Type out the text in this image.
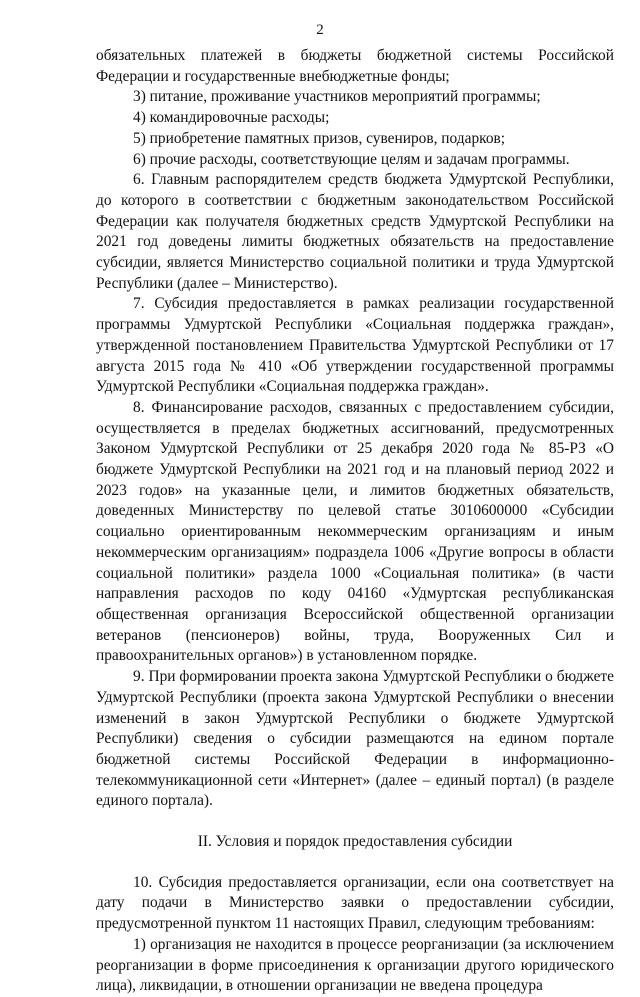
2

обязательных платежей в бюджеты бюджетной системы Российской Федерации и государственные внебюджетные фонды;

3) питание, проживание участников мероприятий программы;

4) командировочные расходы;

5) приобретение памятных призов, сувениров, подарков;

6) прочие расходы, соответствующие целям и задачам программы.

6. Главным распорядителем средств бюджета Удмуртской Республики, до которого в соответствии с бюджетным законодательством Российской Федерации как получателя бюджетных средств Удмуртской Республики на 2021 год доведены лимиты бюджетных обязательств на предоставление субсидии, является Министерство социальной политики и труда Удмуртской Республики (далее – Министерство).

7. Субсидия предоставляется в рамках реализации государственной программы Удмуртской Республики «Социальная поддержка граждан», утвержденной постановлением Правительства Удмуртской Республики от 17 августа 2015 года № 410 «Об утверждении государственной программы Удмуртской Республики «Социальная поддержка граждан».

8. Финансирование расходов, связанных с предоставлением субсидии, осуществляется в пределах бюджетных ассигнований, предусмотренных Законом Удмуртской Республики от 25 декабря 2020 года № 85-РЗ «О бюджете Удмуртской Республики на 2021 год и на плановый период 2022 и 2023 годов» на указанные цели, и лимитов бюджетных обязательств, доведенных Министерству по целевой статье 3010600000 «Субсидии социально ориентированным некоммерческим организациям и иным некоммерческим организациям» подраздела 1006 «Другие вопросы в области социальной политики» раздела 1000 «Социальная политика» (в части направления расходов по коду 04160 «Удмуртская республиканская общественная организация Всероссийской общественной организации ветеранов (пенсионеров) войны, труда, Вооруженных Сил и правоохранительных органов») в установленном порядке.

9. При формировании проекта закона Удмуртской Республики о бюджете Удмуртской Республики (проекта закона Удмуртской Республики о внесении изменений в закон Удмуртской Республики о бюджете Удмуртской Республики) сведения о субсидии размещаются на едином портале бюджетной системы Российской Федерации в информационно-телекоммуникационной сети «Интернет» (далее – единый портал) (в разделе единого портала).

II. Условия и порядок предоставления субсидии

10. Субсидия предоставляется организации, если она соответствует на дату подачи в Министерство заявки о предоставлении субсидии, предусмотренной пунктом 11 настоящих Правил, следующим требованиям:

1) организация не находится в процессе реорганизации (за исключением реорганизации в форме присоединения к организации другого юридического лица), ликвидации, в отношении организации не введена процедура
